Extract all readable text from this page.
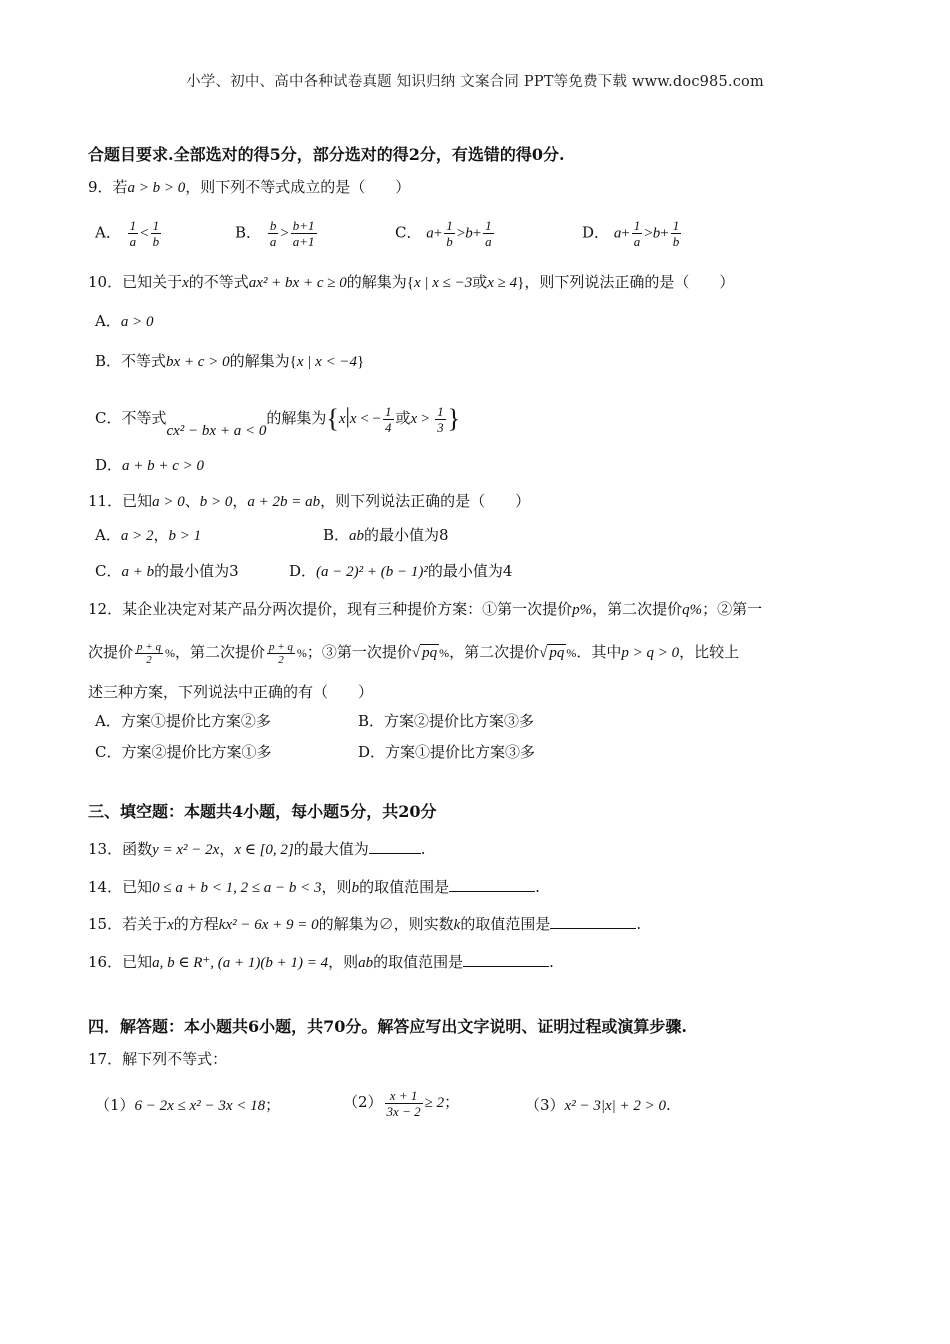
小学、初中、高中各种试卷真题 知识归纳 文案合同 PPT等免费下载 www.doc985.com
合题目要求.全部选对的得5分，部分选对的得2分，有选错的得0分.
9．若a > b > 0，则下列不等式成立的是（　　）
A． $\frac{1}{a} < \frac{1}{b}$	B． $\frac{b}{a} > \frac{b+1}{a+1}$	C． $a+ \frac{1}{b} >b+ \frac{1}{a}$	D． $a+ \frac{1}{a} >b+ \frac{1}{b}$
10．已知关于x的不等式ax² + bx + c ≥ 0的解集为{x | x ≤ −3或x ≥ 4}，则下列说法正确的是（　　）
A．a > 0
B．不等式bx + c > 0的解集为{x | x < −4}
C．不等式cx² − bx + a < 0的解集为{x|x < − $\frac{1}{4}$ 或$x > \frac{1}{3}$ }
D．a + b + c > 0
11．已知a > 0、b > 0，a + 2b = ab，则下列说法正确的是（　　）
A．a > 2，b > 1	B．ab的最小值为8
C．a + b的最小值为3	D．(a − 2)² + (b − 1)²的最小值为4
12．某企业决定对某产品分两次提价，现有三种提价方案：①第一次提价p%，第二次提价q%；②第一
次提价 $\frac{p + q}{2}$ %，第二次提价 $\frac{p + q}{2}$ %；③第一次提价√ pq %，第二次提价√ pq %．其中p > q > 0，比较上
述三种方案，下列说法中正确的有（　　）
A．方案①提价比方案②多	B．方案②提价比方案③多
C．方案②提价比方案①多	D．方案①提价比方案③多
三、填空题：本题共4小题，每小题5分，共20分
13．函数y = x² − 2x，x ∈ [0, 2]的最大值为	.
14．已知0 ≤ a + b < 1, 2 ≤ a − b < 3，则b的取值范围是	.
15．若关于x的方程kx² − 6x + 9 = 0的解集为∅，则实数k的取值范围是	.
16．已知a, b ∈ R⁺, (a + 1)(b + 1) = 4，则ab的取值范围是	.
四．解答题：本小题共6小题，共70分。解答应写出文字说明、证明过程或演算步骤.
17．解下列不等式：
（1）6 − 2x ≤ x² − 3x < 18；	$(2) \frac{x + 1}{3x - 2} \ge 2$；	（3）x² − 3|x| + 2 > 0.
